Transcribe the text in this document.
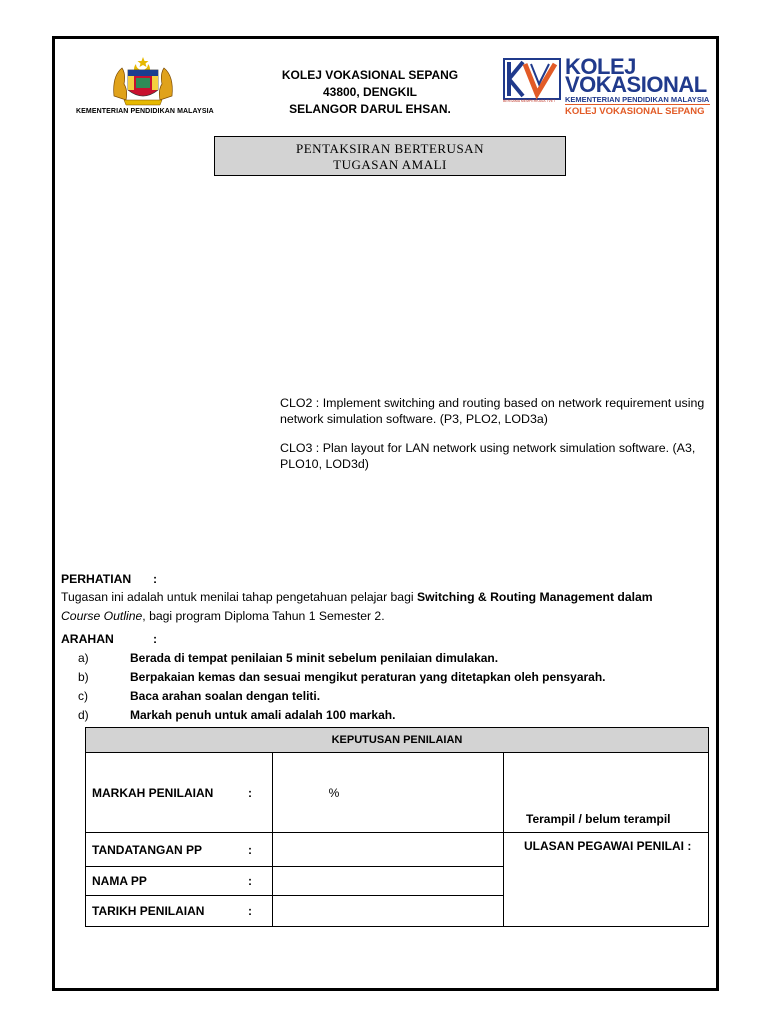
KEMENTERIAN PENDIDIKAN MALAYSIA
KOLEJ VOKASIONAL SEPANG
43800, DENGKIL
SELANGOR DARUL EHSAN.
BERSAMA MEMPERKASA TVET
KOLEJ
VOKASIONAL
KEMENTERIAN PENDIDIKAN MALAYSIA
KOLEJ VOKASIONAL SEPANG
PENTAKSIRAN BERTERUSAN
TUGASAN AMALI
CLO2 : Implement switching and routing based on network requirement using network simulation software. (P3, PLO2, LOD3a)
CLO3 : Plan layout for LAN network using network simulation software. (A3, PLO10, LOD3d)
PERHATIAN :
Tugasan ini adalah untuk menilai tahap pengetahuan pelajar bagi Switching & Routing Management dalam
Course Outline, bagi program Diploma Tahun 1 Semester 2.
ARAHAN	:
a)	Berada di tempat penilaian 5 minit sebelum penilaian dimulakan.
b)	Berpakaian kemas dan sesuai mengikut peraturan yang ditetapkan oleh pensyarah.
c)	Baca arahan soalan dengan teliti.
d)	Markah penuh untuk amali adalah 100 markah.
KEPUTUSAN PENILAIAN		
MARKAH PENILAIAN :	%	Terampil / belum terampil
TANDATANGAN PP :		ULASAN PEGAWAI PENILAI :
NAMA PP :		

TARIKH PENILAIAN :		
